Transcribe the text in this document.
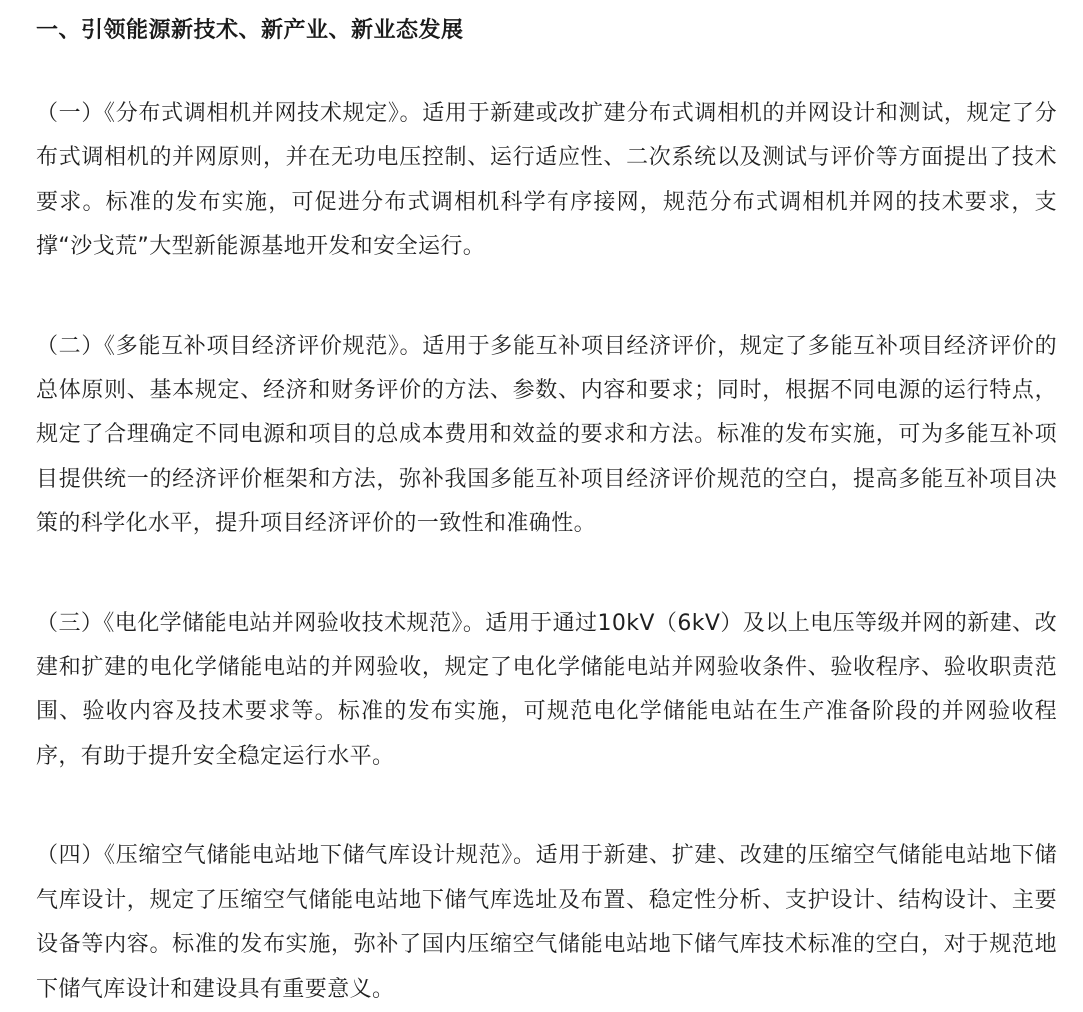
一、引领能源新技术、新产业、新业态发展

（一）《分布式调相机并网技术规定》。适用于新建或改扩建分布式调相机的并网设计和测试，规定了分布式调相机的并网原则，并在无功电压控制、运行适应性、二次系统以及测试与评价等方面提出了技术要求。标准的发布实施，可促进分布式调相机科学有序接网，规范分布式调相机并网的技术要求，支撑“沙戈荒”大型新能源基地开发和安全运行。

（二）《多能互补项目经济评价规范》。适用于多能互补项目经济评价，规定了多能互补项目经济评价的总体原则、基本规定、经济和财务评价的方法、参数、内容和要求；同时，根据不同电源的运行特点，规定了合理确定不同电源和项目的总成本费用和效益的要求和方法。标准的发布实施，可为多能互补项目提供统一的经济评价框架和方法，弥补我国多能互补项目经济评价规范的空白，提高多能互补项目决策的科学化水平，提升项目经济评价的一致性和准确性。

（三）《电化学储能电站并网验收技术规范》。适用于通过10kV（6kV）及以上电压等级并网的新建、改建和扩建的电化学储能电站的并网验收，规定了电化学储能电站并网验收条件、验收程序、验收职责范围、验收内容及技术要求等。标准的发布实施，可规范电化学储能电站在生产准备阶段的并网验收程序，有助于提升安全稳定运行水平。

（四）《压缩空气储能电站地下储气库设计规范》。适用于新建、扩建、改建的压缩空气储能电站地下储气库设计，规定了压缩空气储能电站地下储气库选址及布置、稳定性分析、支护设计、结构设计、主要设备等内容。标准的发布实施，弥补了国内压缩空气储能电站地下储气库技术标准的空白，对于规范地下储气库设计和建设具有重要意义。
